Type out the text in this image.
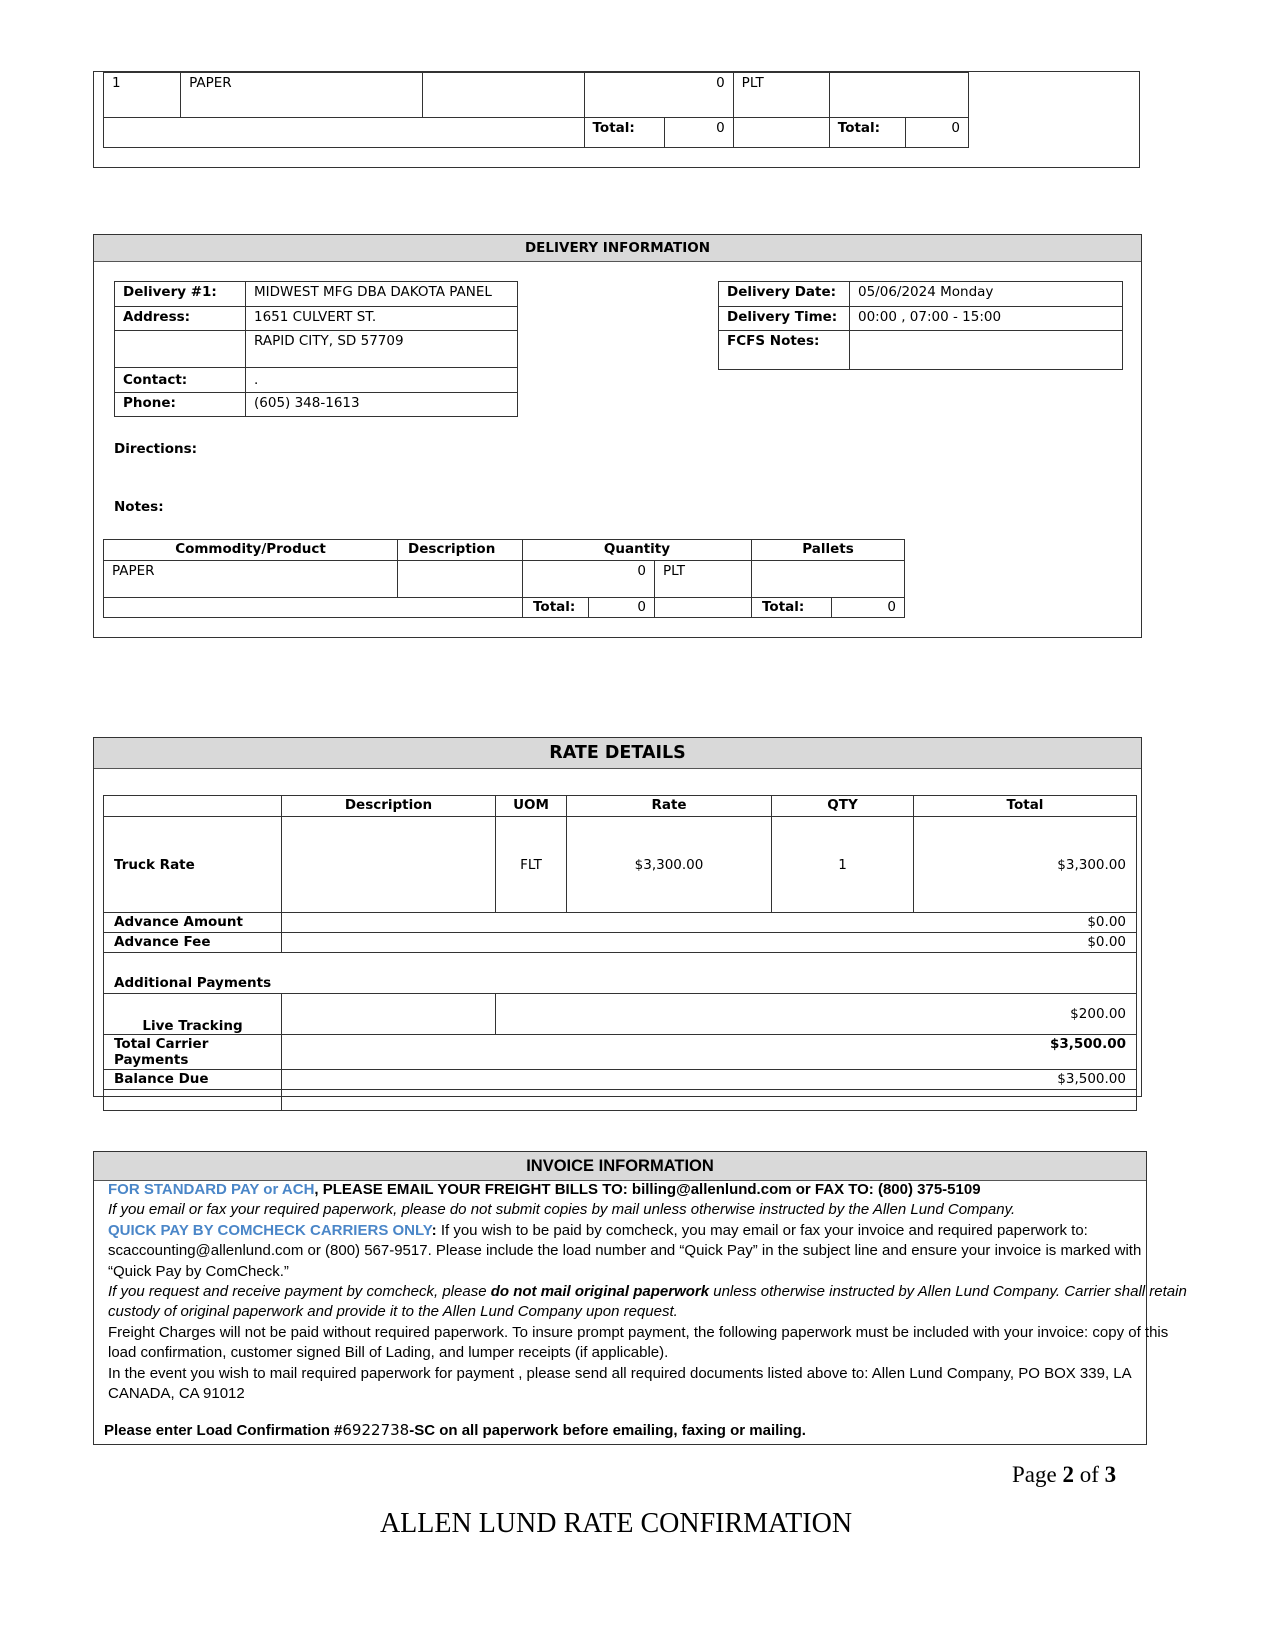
1	PAPER		0		PLT		
			Total:	0		Total:	0
DELIVERY INFORMATION
Delivery #1:	MIDWEST MFG DBA DAKOTA PANEL
Address:	1651 CULVERT ST.
	RAPID CITY, SD 57709
Contact:	.
Phone:	(605) 348-1613
Delivery Date:	05/06/2024 Monday
Delivery Time:	00:00 , 07:00 - 15:00
FCFS Notes:	
Directions:
Notes:
Commodity/Product	Description	Quantity			Pallets	
PAPER		0		PLT		
		Total:	0		Total:	0
RATE DETAILS
	Description	UOM	Rate	QTY	Total
Truck Rate		FLT	$3,300.00	1	$3,300.00
Advance Amount	$0.00				
Advance Fee	$0.00				
Additional Payments					
Live Tracking		$200.00			
Total Carrier Payments	$3,500.00				
Balance Due	$3,500.00				

INVOICE INFORMATION
FOR STANDARD PAY or ACH, PLEASE EMAIL YOUR FREIGHT BILLS TO: billing@allenlund.com or FAX TO: (800) 375-5109
If you email or fax your required paperwork, please do not submit copies by mail unless otherwise instructed by the Allen Lund Company.
QUICK PAY BY COMCHECK CARRIERS ONLY: If you wish to be paid by comcheck, you may email or fax your invoice and required paperwork to: scaccounting@allenlund.com or (800) 567-9517. Please include the load number and “Quick Pay” in the subject line and ensure your invoice is marked with “Quick Pay by ComCheck.”
If you request and receive payment by comcheck, please do not mail original paperwork unless otherwise instructed by Allen Lund Company. Carrier shall retain custody of original paperwork and provide it to the Allen Lund Company upon request.
Freight Charges will not be paid without required paperwork. To insure prompt payment, the following paperwork must be included with your invoice: copy of this load confirmation, customer signed Bill of Lading, and lumper receipts (if applicable).
In the event you wish to mail required paperwork for payment , please send all required documents listed above to: Allen Lund Company, PO BOX 339, LA CANADA, CA 91012
Please enter Load Confirmation #6922738-SC on all paperwork before emailing, faxing or mailing.
Page 2 of 3
ALLEN LUND RATE CONFIRMATION
